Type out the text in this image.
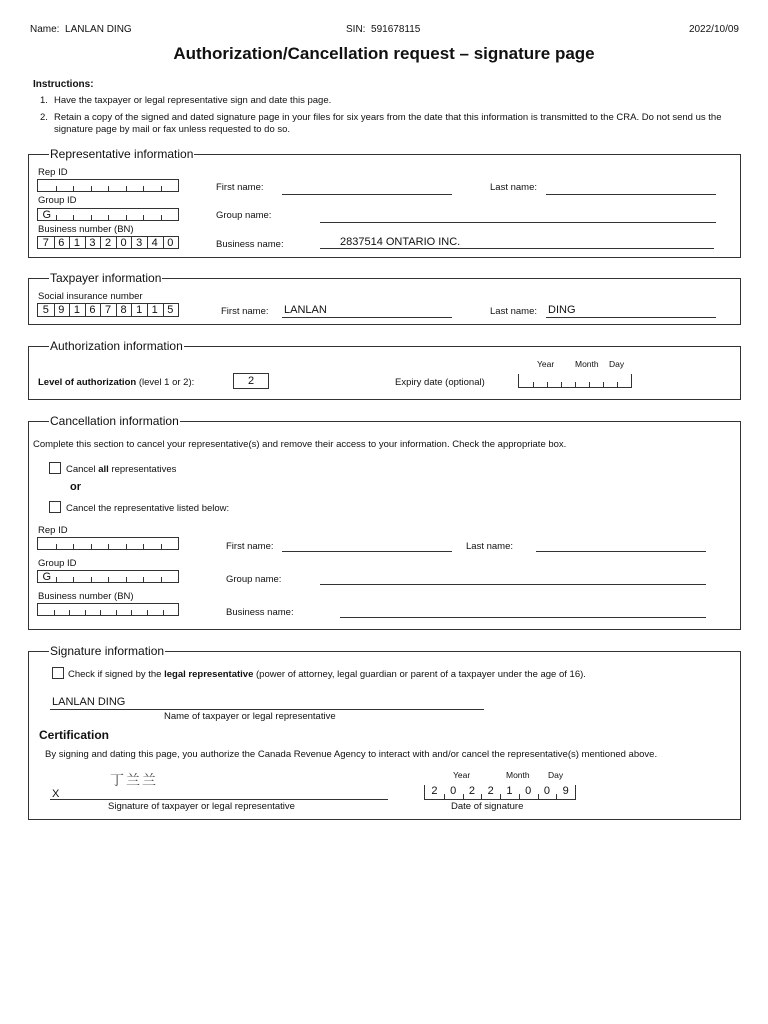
Name: LANLAN DING	SIN: 591678115	2022/10/09
Authorization/Cancellation request – signature page
Instructions:
1. Have the taxpayer or legal representative sign and date this page.
2. Retain a copy of the signed and dated signature page in your files for six years from the date that this information is transmitted to the CRA. Do not send us the signature page by mail or fax unless requested to do so.
Representative information
Rep ID
Group ID
G
Business number (BN)
7 6 1 3 2 0 3 4 0
First name:	Last name:
Group name:
Business name:	2837514 ONTARIO INC.
Taxpayer information
Social insurance number
5 9 1 6 7 8 1 1 5	First name: LANLAN	Last name: DING
Authorization information
Level of authorization (level 1 or 2):	2	Expiry date (optional)
Year Month Day
Cancellation information
Complete this section to cancel your representative(s) and remove their access to your information. Check the appropriate box.
Cancel all representatives
or
Cancel the representative listed below:
Rep ID
Group ID
G
Business number (BN)
First name:	Last name:
Group name:
Business name:
Signature information
Check if signed by the legal representative (power of attorney, legal guardian or parent of a taxpayer under the age of 16).
LANLAN DING
Name of taxpayer or legal representative
Certification
By signing and dating this page, you authorize the Canada Revenue Agency to interact with and/or cancel the representative(s) mentioned above.
X
丁兰兰
Signature of taxpayer or legal representative
Year	Month Day
2	0	2	2	1	0	0	9
Date of signature
